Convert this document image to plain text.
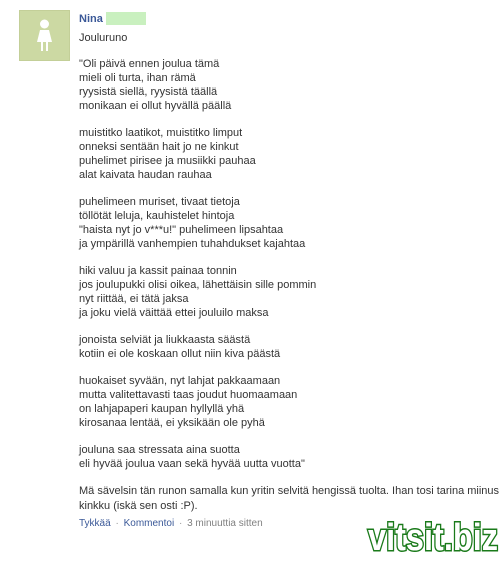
Nina
Jouluruno
"Oli päivä ennen joulua tämä
mieli oli turta, ihan rämä
ryysistä siellä, ryysistä täällä
monikaan ei ollut hyvällä päällä
muistitko laatikot, muistitko limput
onneksi sentään hait jo ne kinkut
puhelimet pirisee ja musiikki pauhaa
alat kaivata haudan rauhaa
puhelimeen muriset, tivaat tietoja
töllötät leluja, kauhistelet hintoja
"haista nyt jo v***u!" puhelimeen lipsahtaa
ja ympärillä vanhempien tuhahdukset kajahtaa
hiki valuu ja kassit painaa tonnin
jos joulupukki olisi oikea, lähettäisin sille pommin
nyt riittää, ei tätä jaksa
ja joku vielä väittää ettei jouluilo maksa
jonoista selviät ja liukkaasta säästä
kotiin ei ole koskaan ollut niin kiva päästä
huokaiset syvään, nyt lahjat pakkaamaan
mutta valitettavasti taas joudut huomaamaan
on lahjapaperi kaupan hyllyllä yhä
kirosanaa lentää, ei yksikään ole pyhä
jouluna saa stressata aina suotta
eli hyvää joulua vaan sekä hyvää uutta vuotta"
Mä sävelsin tän runon samalla kun yritin selvitä hengissä tuolta. Ihan tosi tarina miinus kinkku (iskä sen osti :P).
Tykkää · Kommentoi · 3 minuuttia sitten	vitsit.biz
